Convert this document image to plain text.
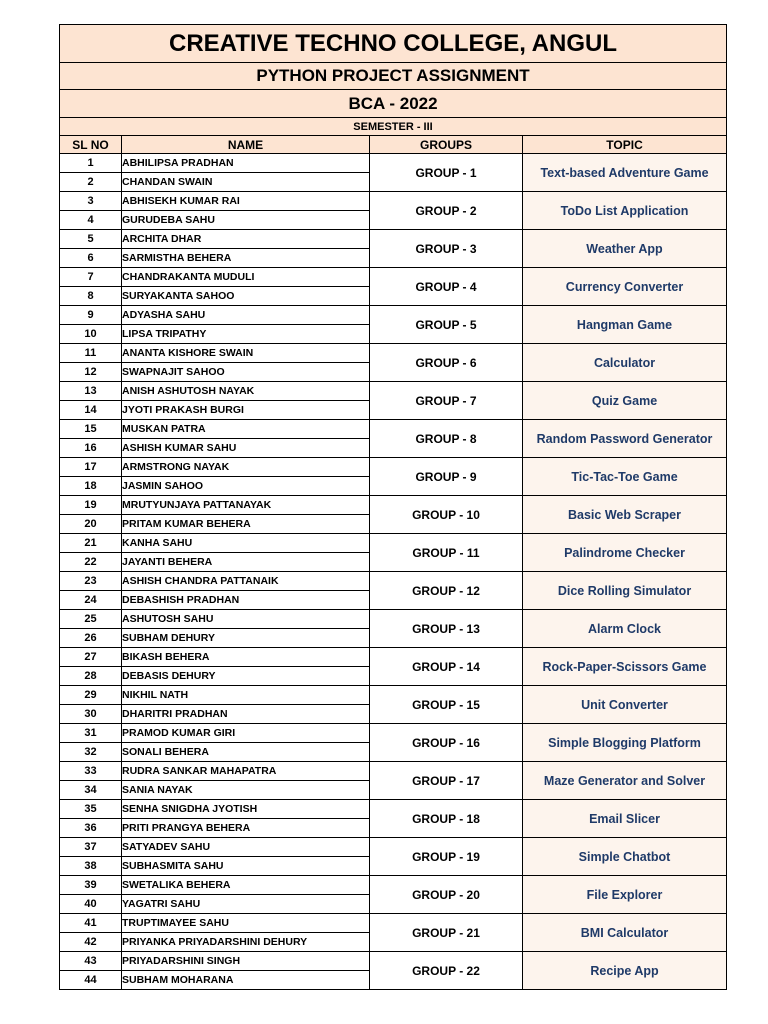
CREATIVE TECHNO COLLEGE, ANGUL			
PYTHON PROJECT ASSIGNMENT			
BCA - 2022			
SEMESTER - III			
SL NO	NAME	GROUPS	TOPIC
1	ABHILIPSA PRADHAN	GROUP - 1	Text-based Adventure Game
2	CHANDAN SWAIN		
3	ABHISEKH KUMAR RAI	GROUP - 2	ToDo List Application
4	GURUDEBA SAHU		
5	ARCHITA DHAR	GROUP - 3	Weather App
6	SARMISTHA BEHERA		
7	CHANDRAKANTA MUDULI	GROUP - 4	Currency Converter
8	SURYAKANTA SAHOO		
9	ADYASHA SAHU	GROUP - 5	Hangman Game
10	LIPSA TRIPATHY		
11	ANANTA KISHORE SWAIN	GROUP - 6	Calculator
12	SWAPNAJIT SAHOO		
13	ANISH ASHUTOSH NAYAK	GROUP - 7	Quiz Game
14	JYOTI PRAKASH BURGI		
15	MUSKAN PATRA	GROUP - 8	Random Password Generator
16	ASHISH KUMAR SAHU		
17	ARMSTRONG NAYAK	GROUP - 9	Tic-Tac-Toe Game
18	JASMIN SAHOO		
19	MRUTYUNJAYA PATTANAYAK	GROUP - 10	Basic Web Scraper
20	PRITAM KUMAR BEHERA		
21	KANHA SAHU	GROUP - 11	Palindrome Checker
22	JAYANTI BEHERA		
23	ASHISH CHANDRA PATTANAIK	GROUP - 12	Dice Rolling Simulator
24	DEBASHISH PRADHAN		
25	ASHUTOSH SAHU	GROUP - 13	Alarm Clock
26	SUBHAM DEHURY		
27	BIKASH BEHERA	GROUP - 14	Rock-Paper-Scissors Game
28	DEBASIS DEHURY		
29	NIKHIL NATH	GROUP - 15	Unit Converter
30	DHARITRI PRADHAN		
31	PRAMOD KUMAR GIRI	GROUP - 16	Simple Blogging Platform
32	SONALI BEHERA		
33	RUDRA SANKAR MAHAPATRA	GROUP - 17	Maze Generator and Solver
34	SANIA NAYAK		
35	SENHA SNIGDHA JYOTISH	GROUP - 18	Email Slicer
36	PRITI PRANGYA BEHERA		
37	SATYADEV SAHU	GROUP - 19	Simple Chatbot
38	SUBHASMITA SAHU		
39	SWETALIKA BEHERA	GROUP - 20	File Explorer
40	YAGATRI SAHU		
41	TRUPTIMAYEE SAHU	GROUP - 21	BMI Calculator
42	PRIYANKA PRIYADARSHINI DEHURY		
43	PRIYADARSHINI SINGH	GROUP - 22	Recipe App
44	SUBHAM MOHARANA		
